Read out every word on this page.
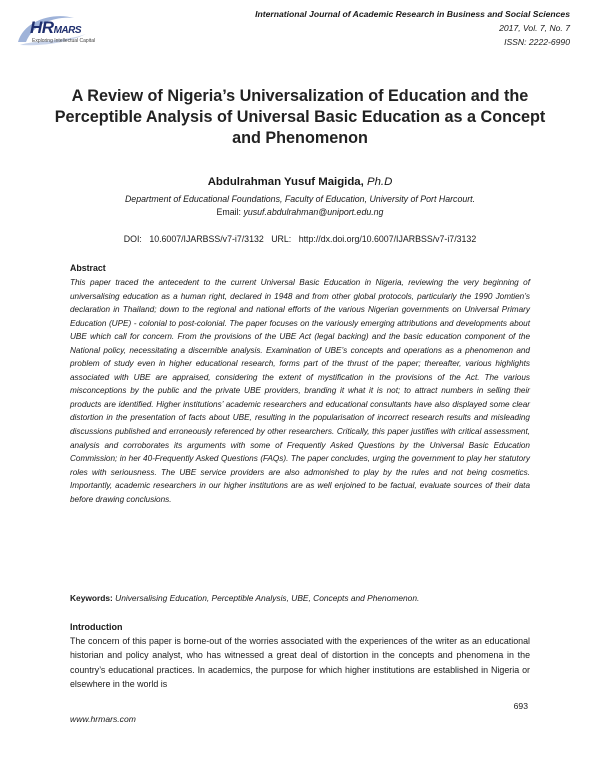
HRMARS
Exploring Intellectual Capital
International Journal of Academic Research in Business and Social Sciences
2017, Vol. 7, No. 7
ISSN: 2222-6990
A Review of Nigeria’s Universalization of Education and the Perceptible Analysis of Universal Basic Education as a Concept and Phenomenon
Abdulrahman Yusuf Maigida, Ph.D
Department of Educational Foundations, Faculty of Education, University of Port Harcourt.
Email: yusuf.abdulrahman@uniport.edu.ng
DOI: 10.6007/IJARBSS/v7-i7/3132 URL: http://dx.doi.org/10.6007/IJARBSS/v7-i7/3132
Abstract
This paper traced the antecedent to the current Universal Basic Education in Nigeria, reviewing the very beginning of universalising education as a human right, declared in 1948 and from other global protocols, particularly the 1990 Jomtien’s declaration in Thailand; down to the regional and national efforts of the various Nigerian governments on Universal Primary Education (UPE) - colonial to post-colonial. The paper focuses on the variously emerging attributions and developments about UBE which call for concern. From the provisions of the UBE Act (legal backing) and the basic education component of the National policy, necessitating a discernible analysis. Examination of UBE’s concepts and operations as a phenomenon and problem of study even in higher educational research, forms part of the thrust of the paper; thereafter, various highlights associated with UBE are appraised, considering the extent of mystification in the provisions of the Act. The various misconceptions by the public and the private UBE providers, branding it what it is not; to attract numbers in selling their products are identified. Higher institutions’ academic researchers and educational consultants have also displayed some clear distortion in the presentation of facts about UBE, resulting in the popularisation of incorrect research results and misleading discussions published and erroneously referenced by other researchers. Critically, this paper justifies with critical assessment, analysis and corroborates its arguments with some of Frequently Asked Questions by the Universal Basic Education Commission; in her 40-Frequently Asked Questions (FAQs). The paper concludes, urging the government to play her statutory roles with seriousness. The UBE service providers are also admonished to play by the rules and not being cosmetics. Importantly, academic researchers in our higher institutions are as well enjoined to be factual, evaluate sources of their data before drawing conclusions.
Keywords: Universalising Education, Perceptible Analysis, UBE, Concepts and Phenomenon.
Introduction
The concern of this paper is borne-out of the worries associated with the experiences of the writer as an educational historian and policy analyst, who has witnessed a great deal of distortion in the concepts and phenomena in the country’s educational practices. In academics, the purpose for which higher institutions are established in Nigeria or elsewhere in the world is
693
www.hrmars.com
